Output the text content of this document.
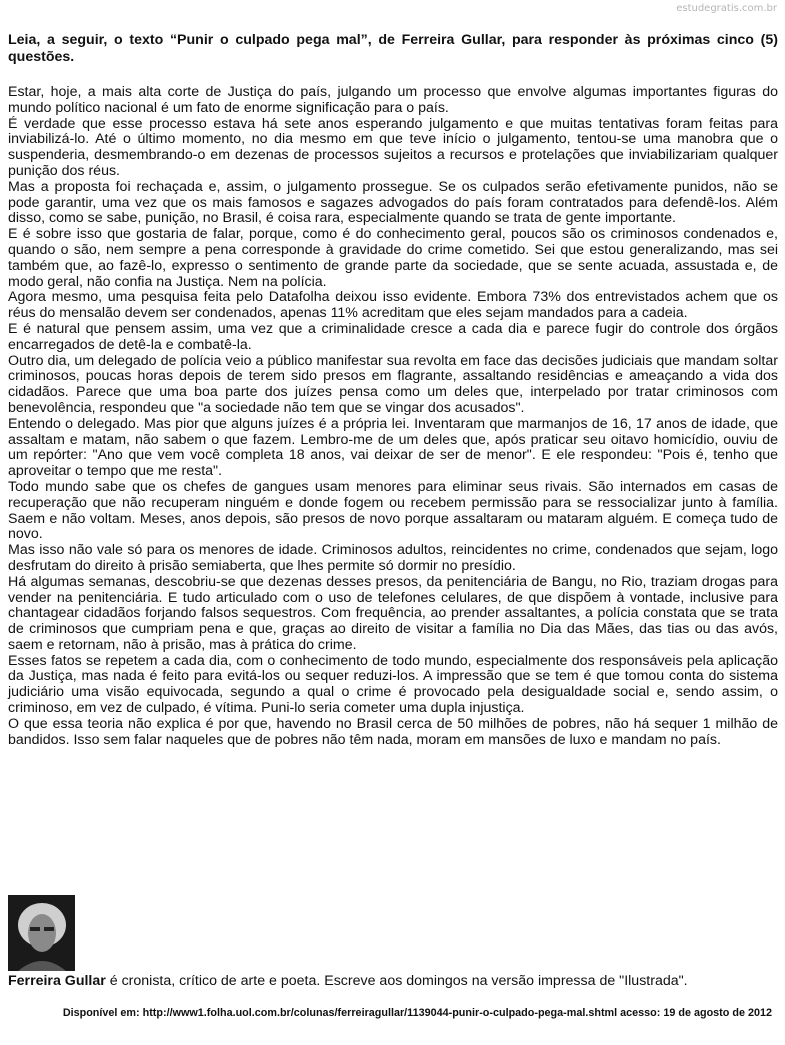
estudegratis.com.br

Leia, a seguir, o texto “Punir o culpado pega mal”, de Ferreira Gullar, para responder às próximas cinco (5) questões.

Estar, hoje, a mais alta corte de Justiça do país, julgando um processo que envolve algumas importantes figuras do mundo político nacional é um fato de enorme significação para o país.

É verdade que esse processo estava há sete anos esperando julgamento e que muitas tentativas foram feitas para inviabilizá-lo. Até o último momento, no dia mesmo em que teve início o julgamento, tentou-se uma manobra que o suspenderia, desmembrando-o em dezenas de processos sujeitos a recursos e protelações que inviabilizariam qualquer punição dos réus.

Mas a proposta foi rechaçada e, assim, o julgamento prossegue. Se os culpados serão efetivamente punidos, não se pode garantir, uma vez que os mais famosos e sagazes advogados do país foram contratados para defendê-los. Além disso, como se sabe, punição, no Brasil, é coisa rara, especialmente quando se trata de gente importante.

E é sobre isso que gostaria de falar, porque, como é do conhecimento geral, poucos são os criminosos condenados e, quando o são, nem sempre a pena corresponde à gravidade do crime cometido. Sei que estou generalizando, mas sei também que, ao fazê-lo, expresso o sentimento de grande parte da sociedade, que se sente acuada, assustada e, de modo geral, não confia na Justiça. Nem na polícia.

Agora mesmo, uma pesquisa feita pelo Datafolha deixou isso evidente. Embora 73% dos entrevistados achem que os réus do mensalão devem ser condenados, apenas 11% acreditam que eles sejam mandados para a cadeia.

E é natural que pensem assim, uma vez que a criminalidade cresce a cada dia e parece fugir do controle dos órgãos encarregados de detê-la e combatê-la.

Outro dia, um delegado de polícia veio a público manifestar sua revolta em face das decisões judiciais que mandam soltar criminosos, poucas horas depois de terem sido presos em flagrante, assaltando residências e ameaçando a vida dos cidadãos. Parece que uma boa parte dos juízes pensa como um deles que, interpelado por tratar criminosos com benevolência, respondeu que "a sociedade não tem que se vingar dos acusados".

Entendo o delegado. Mas pior que alguns juízes é a própria lei. Inventaram que marmanjos de 16, 17 anos de idade, que assaltam e matam, não sabem o que fazem. Lembro-me de um deles que, após praticar seu oitavo homicídio, ouviu de um repórter: "Ano que vem você completa 18 anos, vai deixar de ser de menor". E ele respondeu: "Pois é, tenho que aproveitar o tempo que me resta".

Todo mundo sabe que os chefes de gangues usam menores para eliminar seus rivais. São internados em casas de recuperação que não recuperam ninguém e donde fogem ou recebem permissão para se ressocializar junto à família. Saem e não voltam. Meses, anos depois, são presos de novo porque assaltaram ou mataram alguém. E começa tudo de novo.

Mas isso não vale só para os menores de idade. Criminosos adultos, reincidentes no crime, condenados que sejam, logo desfrutam do direito à prisão semiaberta, que lhes permite só dormir no presídio.

Há algumas semanas, descobriu-se que dezenas desses presos, da penitenciária de Bangu, no Rio, traziam drogas para vender na penitenciária. E tudo articulado com o uso de telefones celulares, de que dispõem à vontade, inclusive para chantagear cidadãos forjando falsos sequestros. Com frequência, ao prender assaltantes, a polícia constata que se trata de criminosos que cumpriam pena e que, graças ao direito de visitar a família no Dia das Mães, das tias ou das avós, saem e retornam, não à prisão, mas à prática do crime.

Esses fatos se repetem a cada dia, com o conhecimento de todo mundo, especialmente dos responsáveis pela aplicação da Justiça, mas nada é feito para evitá-los ou sequer reduzi-los. A impressão que se tem é que tomou conta do sistema judiciário uma visão equivocada, segundo a qual o crime é provocado pela desigualdade social e, sendo assim, o criminoso, em vez de culpado, é vítima. Puni-lo seria cometer uma dupla injustiça.

O que essa teoria não explica é por que, havendo no Brasil cerca de 50 milhões de pobres, não há sequer 1 milhão de bandidos. Isso sem falar naqueles que de pobres não têm nada, moram em mansões de luxo e mandam no país.

Ferreira Gullar é cronista, crítico de arte e poeta. Escreve aos domingos na versão impressa de "Ilustrada".
Disponível em: http://www1.folha.uol.com.br/colunas/ferreiragullar/1139044-punir-o-culpado-pega-mal.shtml acesso: 19 de agosto de 2012
